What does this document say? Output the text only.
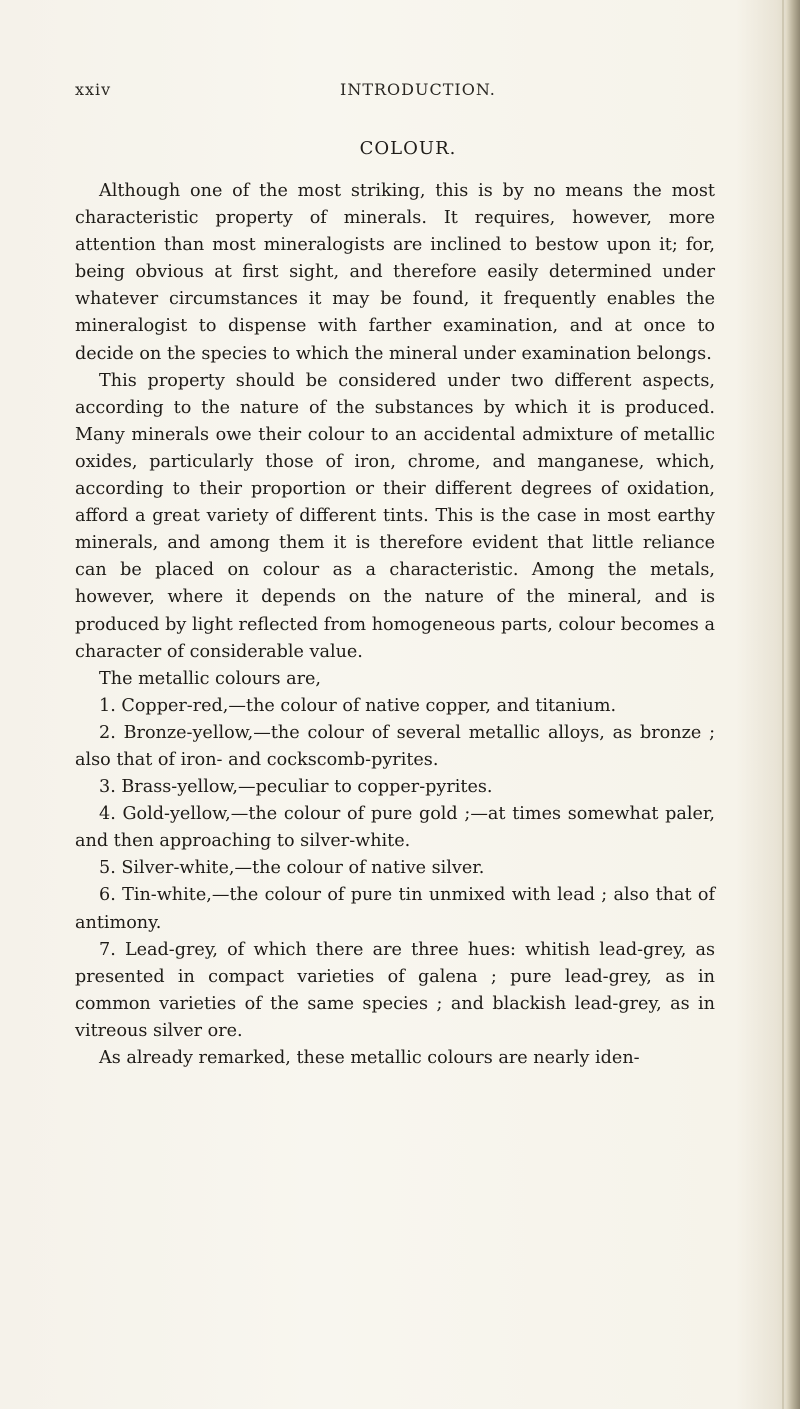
xxiv	INTRODUCTION.
COLOUR.

Although one of the most striking, this is by no means the most characteristic property of minerals. It requires, however, more attention than most mineralogists are inclined to bestow upon it; for, being obvious at first sight, and therefore easily determined under whatever circumstances it may be found, it frequently enables the mineralogist to dispense with farther examination, and at once to decide on the species to which the mineral under examination belongs.

This property should be considered under two different aspects, according to the nature of the substances by which it is produced. Many minerals owe their colour to an accidental admixture of metallic oxides, particularly those of iron, chrome, and manganese, which, according to their proportion or their different degrees of oxidation, afford a great variety of different tints. This is the case in most earthy minerals, and among them it is therefore evident that little reliance can be placed on colour as a characteristic. Among the metals, however, where it depends on the nature of the mineral, and is produced by light reflected from homogeneous parts, colour becomes a character of considerable value.

The metallic colours are,

1. Copper-red,—the colour of native copper, and titanium.

2. Bronze-yellow,—the colour of several metallic alloys, as bronze ; also that of iron- and cockscomb-pyrites.

3. Brass-yellow,—peculiar to copper-pyrites.

4. Gold-yellow,—the colour of pure gold ;—at times somewhat paler, and then approaching to silver-white.

5. Silver-white,—the colour of native silver.

6. Tin-white,—the colour of pure tin unmixed with lead ; also that of antimony.

7. Lead-grey, of which there are three hues: whitish lead-grey, as presented in compact varieties of galena ; pure lead-grey, as in common varieties of the same species ; and blackish lead-grey, as in vitreous silver ore.

As already remarked, these metallic colours are nearly iden-
